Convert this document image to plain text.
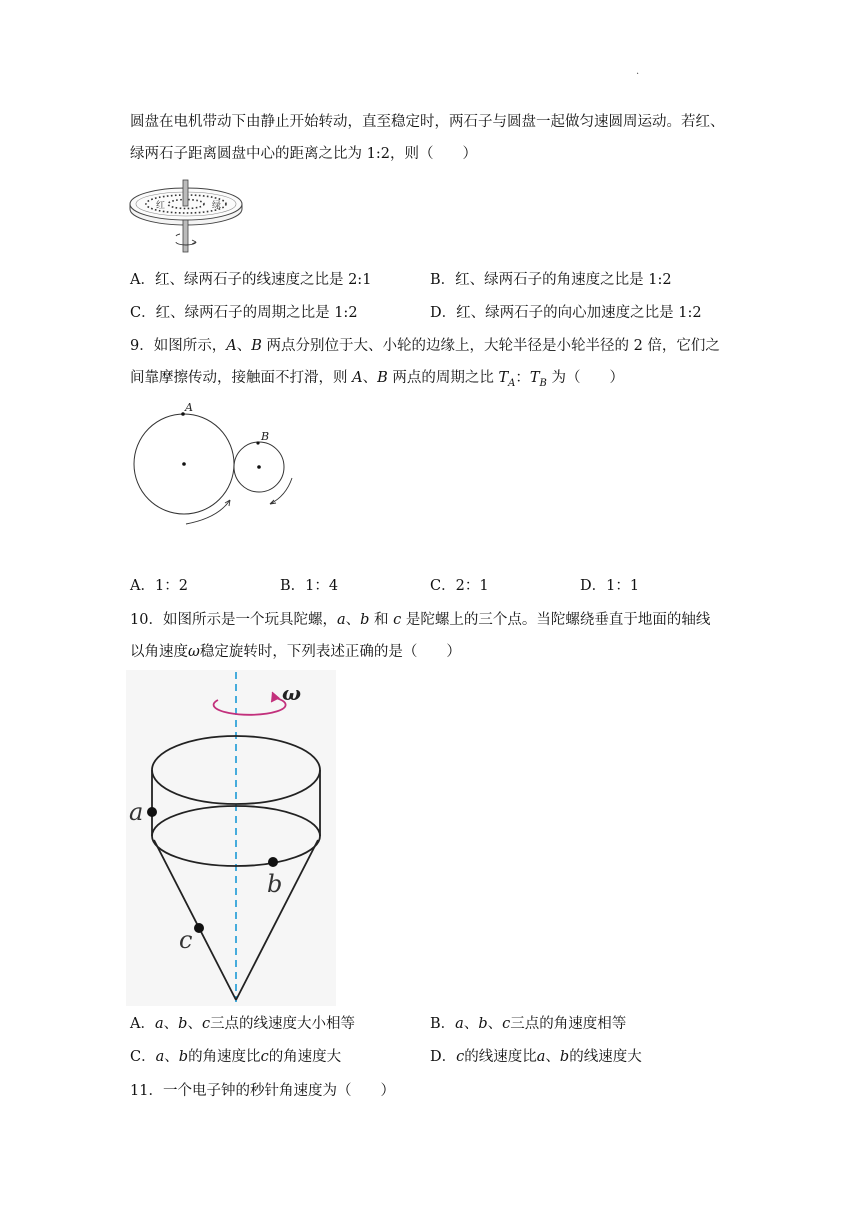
.
圆盘在电机带动下由静止开始转动，直至稳定时，两石子与圆盘一起做匀速圆周运动。若红、
绿两石子距离圆盘中心的距离之比为 1:2，则（　　）
红	绿
A．红、绿两石子的线速度之比是 2:1	B．红、绿两石子的角速度之比是 1:2
C．红、绿两石子的周期之比是 1:2	D．红、绿两石子的向心加速度之比是 1:2
9．如图所示，A、B 两点分别位于大、小轮的边缘上，大轮半径是小轮半径的 2 倍，它们之
间靠摩擦传动，接触面不打滑，则 A、B 两点的周期之比 $T_A$：$T_B$ 为（　　）
A
B
A．1：2	B．1：4	C．2：1	D．1：1
10．如图所示是一个玩具陀螺，a、b 和 c 是陀螺上的三个点。当陀螺绕垂直于地面的轴线
以角速度ω稳定旋转时，下列表述正确的是（　　）
ω
a
b
c
A．a、b、c三点的线速度大小相等	B．a、b、c三点的角速度相等
C．a、b的角速度比c的角速度大	D．c的线速度比a、b的线速度大
11．一个电子钟的秒针角速度为（　　）
